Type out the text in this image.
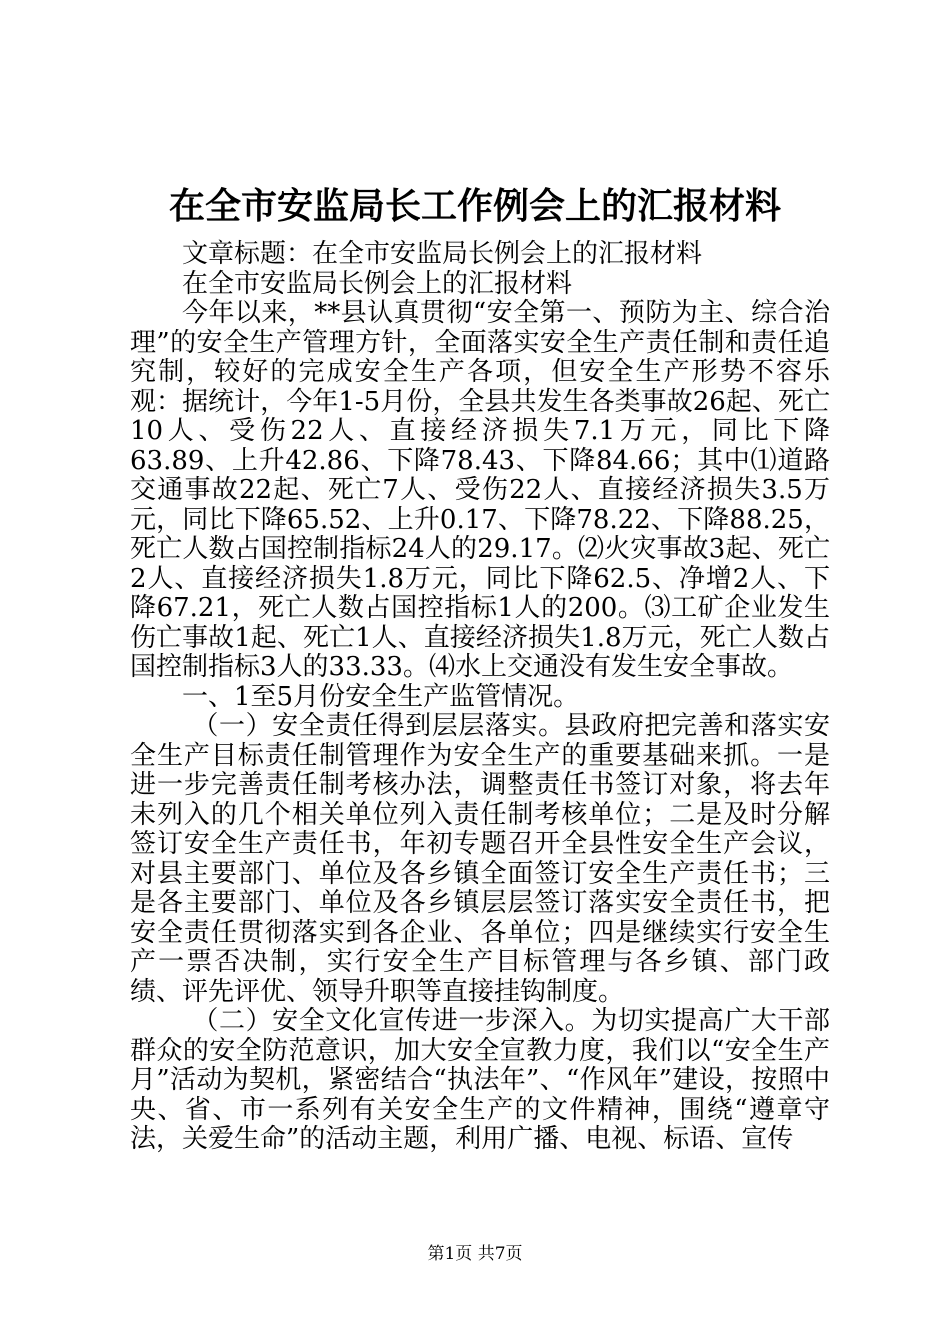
在全市安监局长工作例会上的汇报材料

文章标题：在全市安监局长例会上的汇报材料

在全市安监局长例会上的汇报材料

今年以来，**县认真贯彻“安全第一、预防为主、综合治理”的安全生产管理方针，全面落实安全生产责任制和责任追究制，较好的完成安全生产各项，但安全生产形势不容乐观：据统计，今年1-5月份，全县共发生各类事故26起、死亡10人、受伤22人、直接经济损失7.1万元，同比下降63.89、上升42.86、下降78.43、下降84.66；其中⑴道路交通事故22起、死亡7人、受伤22人、直接经济损失3.5万元，同比下降65.52、上升0.17、下降78.22、下降88.25，死亡人数占国控制指标24人的29.17。⑵火灾事故3起、死亡2人、直接经济损失1.8万元，同比下降62.5、净增2人、下降67.21，死亡人数占国控指标1人的200。⑶工矿企业发生伤亡事故1起、死亡1人、直接经济损失1.8万元，死亡人数占国控制指标3人的33.33。⑷水上交通没有发生安全事故。

一、1至5月份安全生产监管情况。

（一）安全责任得到层层落实。县政府把完善和落实安全生产目标责任制管理作为安全生产的重要基础来抓。一是进一步完善责任制考核办法，调整责任书签订对象，将去年未列入的几个相关单位列入责任制考核单位；二是及时分解签订安全生产责任书，年初专题召开全县性安全生产会议，对县主要部门、单位及各乡镇全面签订安全生产责任书；三是各主要部门、单位及各乡镇层层签订落实安全责任书，把安全责任贯彻落实到各企业、各单位；四是继续实行安全生产一票否决制，实行安全生产目标管理与各乡镇、部门政绩、评先评优、领导升职等直接挂钩制度。

（二）安全文化宣传进一步深入。为切实提高广大干部群众的安全防范意识，加大安全宣教力度，我们以“安全生产月”活动为契机，紧密结合“执法年”、“作风年”建设，按照中央、省、市一系列有关安全生产的文件精神，围绕“遵章守法，关爱生命”的活动主题，利用广播、电视、标语、宣传

第1页 共7页
